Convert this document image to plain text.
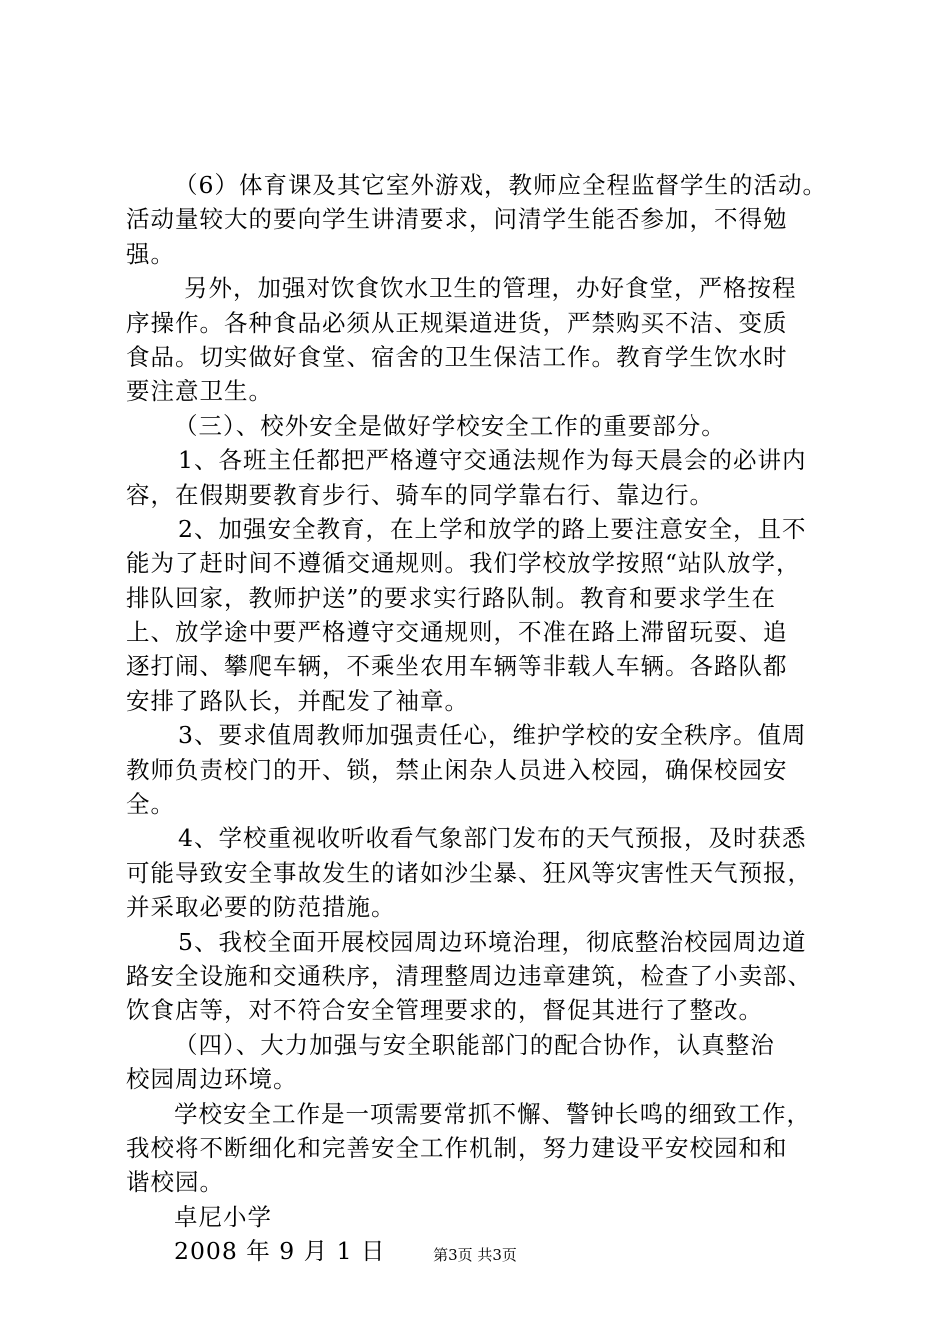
（6）体育课及其它室外游戏，教师应全程监督学生的活动。
活动量较大的要向学生讲清要求，问清学生能否参加，不得勉
强。
另外，加强对饮食饮水卫生的管理，办好食堂，严格按程
序操作。各种食品必须从正规渠道进货，严禁购买不洁、变质
食品。切实做好食堂、宿舍的卫生保洁工作。教育学生饮水时
要注意卫生。
（三）、校外安全是做好学校安全工作的重要部分。
1、各班主任都把严格遵守交通法规作为每天晨会的必讲内
容，在假期要教育步行、骑车的同学靠右行、靠边行。
2、加强安全教育，在上学和放学的路上要注意安全，且不
能为了赶时间不遵循交通规则。我们学校放学按照“站队放学，
排队回家，教师护送”的要求实行路队制。教育和要求学生在
上、放学途中要严格遵守交通规则，不准在路上滞留玩耍、追
逐打闹、攀爬车辆，不乘坐农用车辆等非载人车辆。各路队都
安排了路队长，并配发了袖章。
3、要求值周教师加强责任心，维护学校的安全秩序。值周
教师负责校门的开、锁，禁止闲杂人员进入校园，确保校园安
全。
4、学校重视收听收看气象部门发布的天气预报，及时获悉
可能导致安全事故发生的诸如沙尘暴、狂风等灾害性天气预报，
并采取必要的防范措施。
5、我校全面开展校园周边环境治理，彻底整治校园周边道
路安全设施和交通秩序，清理整周边违章建筑，检查了小卖部、
饮食店等，对不符合安全管理要求的，督促其进行了整改。
（四）、大力加强与安全职能部门的配合协作，认真整治
校园周边环境。
学校安全工作是一项需要常抓不懈、警钟长鸣的细致工作，
我校将不断细化和完善安全工作机制，努力建设平安校园和和
谐校园。
卓尼小学
2008 年 9 月 1 日	第3页 共3页
